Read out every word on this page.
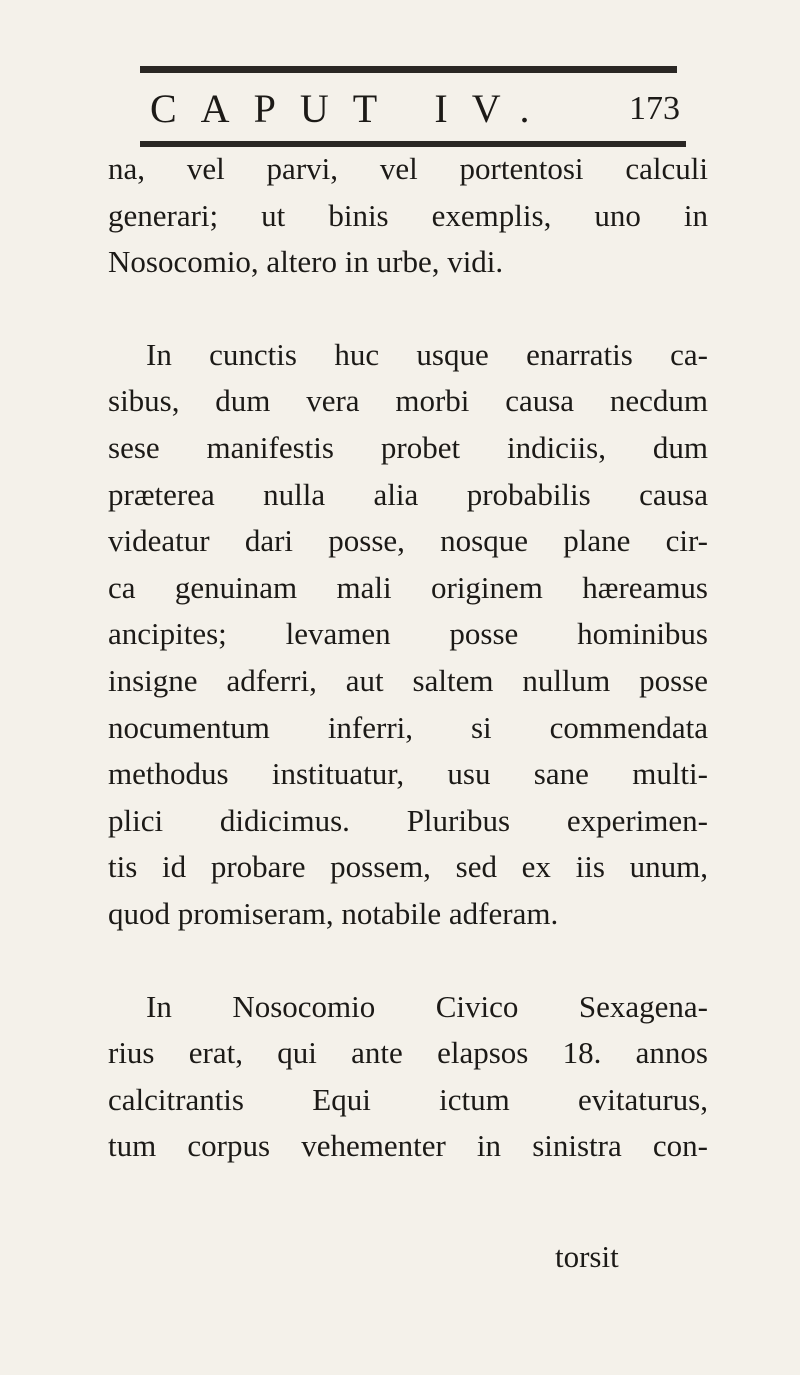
CAPUT IV. 173

na, vel parvi, vel portentosi calculi
generari; ut binis exemplis, uno in
Nosocomio, altero in urbe, vidi.

In cunctis huc usque enarratis ca-
sibus, dum vera morbi causa necdum
sese manifestis probet indiciis, dum
præterea nulla alia probabilis causa
videatur dari posse, nosque plane cir-
ca genuinam mali originem hæreamus
ancipites; levamen posse hominibus
insigne adferri, aut saltem nullum posse
nocumentum inferri, si commendata
methodus instituatur, usu sane multi-
plici didicimus. Pluribus experimen-
tis id probare possem, sed ex iis unum,
quod promiseram, notabile adferam.

In Nosocomio Civico Sexagena-
rius erat, qui ante elapsos 18. annos
calcitrantis Equi ictum evitaturus,
tum corpus vehementer in sinistra con-

torsit
